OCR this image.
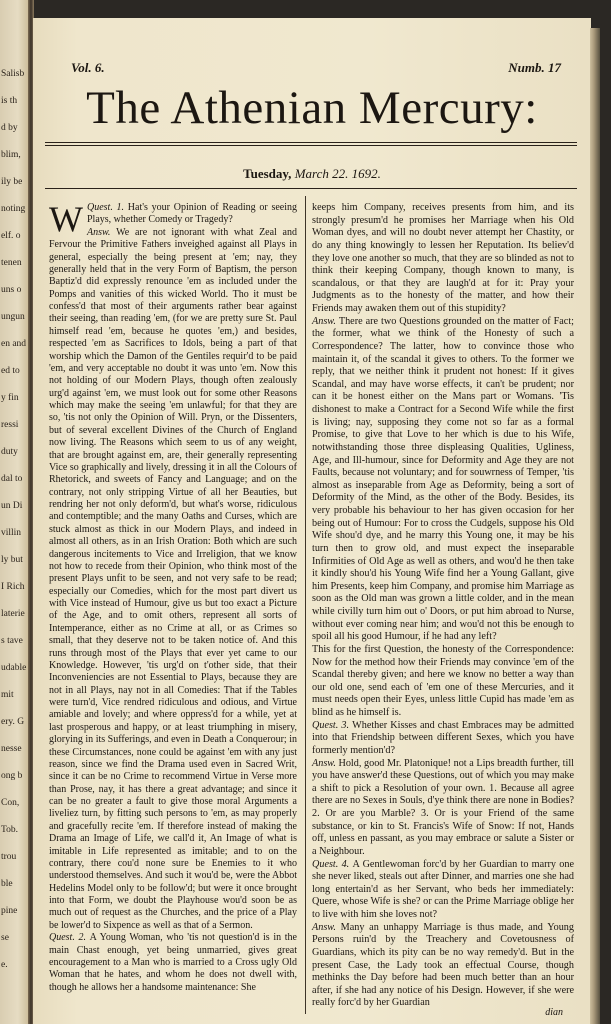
Salisb
is th
d by
blim,
ily be
noting
elf. o
tenen
uns o
ungun
en and
ed to
y fin
ressi
duty
dal to
un Di
villin
ly but
I Rich
laterie
s tave
udable
mit
ery. G
nesse
ong b
Con,
Tob.
trou
ble
pine
se
e.
Vol. 6.	Numb. 17
The Athenian Mercury:
Tuesday, March 22. 1692.

Quest. 1.
W	Hat's your Opinion of Reading or seeing Plays, whether Comedy or Tragedy?

Answ. We are not ignorant with what Zeal and Fervour the Primitive Fathers inveighed against all Plays in general, especially the being present at 'em; nay, they generally held that in the very Form of Baptism, the person Baptiz'd did expressly renounce 'em as included under the Pomps and vanities of this wicked World. Tho it must be confess'd that most of their arguments rather bear against their seeing, than reading 'em, (for we are pretty sure St. Paul himself read 'em, because he quotes 'em,) and besides, respected 'em as Sacrifices to Idols, being a part of that worship which the Damon of the Gentiles requir'd to be paid 'em, and very acceptable no doubt it was unto 'em. Now this not holding of our Modern Plays, though often zealously urg'd against 'em, we must look out for some other Reasons which may make the seeing 'em unlawful; for that they are so, 'tis not only the Opinion of Will. Pryn, or the Dissenters, but of several excellent Divines of the Church of England now living. The Reasons which seem to us of any weight, that are brought against em, are, their generally representing Vice so graphically and lively, dressing it in all the Colours of Rhetorick, and sweets of Fancy and Language; and on the contrary, not only stripping Virtue of all her Beauties, but rendring her not only deform'd, but what's worse, ridiculous and contemptible; and the many Oaths and Curses, which are stuck almost as thick in our Modern Plays, and indeed in almost all others, as in an Irish Oration: Both which are such dangerous incitements to Vice and Irreligion, that we know not how to recede from their Opinion, who think most of the present Plays unfit to be seen, and not very safe to be read; especially our Comedies, which for the most part divert us with Vice instead of Humour, give us but too exact a Picture of the Age, and to omit others, represent all sorts of Intemperance, either as no Crime at all, or as Crimes so small, that they deserve not to be taken notice of. And this runs through most of the Plays that ever yet came to our Knowledge. However, 'tis urg'd on t'other side, that their Inconveniencies are not Essential to Plays, because they are not in all Plays, nay not in all Comedies: That if the Tables were turn'd, Vice rendred ridiculous and odious, and Virtue amiable and lovely; and where oppress'd for a while, yet at last prosperous and happy, or at least triumphing in misery, glorying in its Sufferings, and even in Death a Conquerour; in these Circumstances, none could be against 'em with any just reason, since we find the Drama used even in Sacred Writ, since it can be no Crime to recommend Virtue in Verse more than Prose, nay, it has there a great advantage; and since it can be no greater a fault to give those moral Arguments a liveliez turn, by fitting such persons to 'em, as may properly and gracefully recite 'em. If therefore instead of making the Drama an Image of Life, we call'd it, An Image of what is imitable in Life represented as imitable; and to on the contrary, there cou'd none sure be Enemies to it who understood themselves. And such it wou'd be, were the Abbot Hedelins Model only to be follow'd; but were it once brought into that Form, we doubt the Playhouse wou'd soon be as much out of request as the Churches, and the price of a Play be lower'd to Sixpence as well as that of a Sermon.

Quest. 2. A Young Woman, who 'tis not question'd is in the main Chast enough, yet being unmarried, gives great encouragement to a Man who is married to a Cross ugly Old Woman that he hates, and whom he does not dwell with, though he allows her a handsome maintenance: She

keeps him Company, receives presents from him, and its strongly presum'd he promises her Marriage when his Old Woman dyes, and will no doubt never attempt her Chastity, or do any thing knowingly to lessen her Reputation. Its believ'd they love one another so much, that they are so blinded as not to think their keeping Company, though known to many, is scandalous, or that they are laugh'd at for it: Pray your Judgments as to the honesty of the matter, and how their Friends may awaken them out of this stupidity?

Answ. There are two Questions grounded on the matter of Fact; the former, what we think of the Honesty of such a Correspondence? The latter, how to convince those who maintain it, of the scandal it gives to others. To the former we reply, that we neither think it prudent not honest: If it gives Scandal, and may have worse effects, it can't be prudent; nor can it be honest either on the Mans part or Womans. 'Tis dishonest to make a Contract for a Second Wife while the first is living; nay, supposing they come not so far as a formal Promise, to give that Love to her which is due to his Wife, notwithstanding those three displeasing Qualities, Ugliness, Age, and Ill-humour, since for Deformity and Age they are not Faults, because not voluntary; and for souwrness of Temper, 'tis almost as inseparable from Age as Deformity, being a sort of Deformity of the Mind, as the other of the Body. Besides, its very probable his behaviour to her has given occasion for her being out of Humour: For to cross the Cudgels, suppose his Old Wife shou'd dye, and he marry this Young one, it may be his turn then to grow old, and must expect the inseparable Infirmities of Old Age as well as others, and wou'd he then take it kindly shou'd his Young Wife find her a Young Gallant, give him Presents, keep him Company, and promise him Marriage as soon as the Old man was grown a little colder, and in the mean while civilly turn him out o' Doors, or put him abroad to Nurse, without ever coming near him; and wou'd not this be enough to spoil all his good Humour, if he had any left?

This for the first Question, the honesty of the Correspondence: Now for the method how their Friends may convince 'em of the Scandal thereby given; and here we know no better a way than our old one, send each of 'em one of these Mercuries, and it must needs open their Eyes, unless little Cupid has made 'em as blind as he himself is.

Quest. 3. Whether Kisses and chast Embraces may be admitted into that Friendship between different Sexes, which you have formerly mention'd?

Answ. Hold, good Mr. Platonique! not a Lips breadth further, till you have answer'd these Questions, out of which you may make a shift to pick a Resolution of your own. 1. Because all agree there are no Sexes in Souls, d'ye think there are none in Bodies? 2. Or are you Marble? 3. Or is your Friend of the same substance, or kin to St. Francis's Wife of Snow: If not, Hands off, unless en passant, as you may embrace or salute a Sister or a Neighbour.

Quest. 4. A Gentlewoman forc'd by her Guardian to marry one she never liked, steals out after Dinner, and marries one she had long entertain'd as her Servant, who beds her immediately: Quere, whose Wife is she? or can the Prime Marriage oblige her to live with him she loves not?

Answ. Many an unhappy Marriage is thus made, and Young Persons ruin'd by the Treachery and Covetousness of Guardians, which its pity can be no way remedy'd. But in the present Case, the Lady took an effectual Course, though methinks the Day before had been much better than an hour after, if she had any notice of his Design. However, if she were really forc'd by her Guardian

dian
